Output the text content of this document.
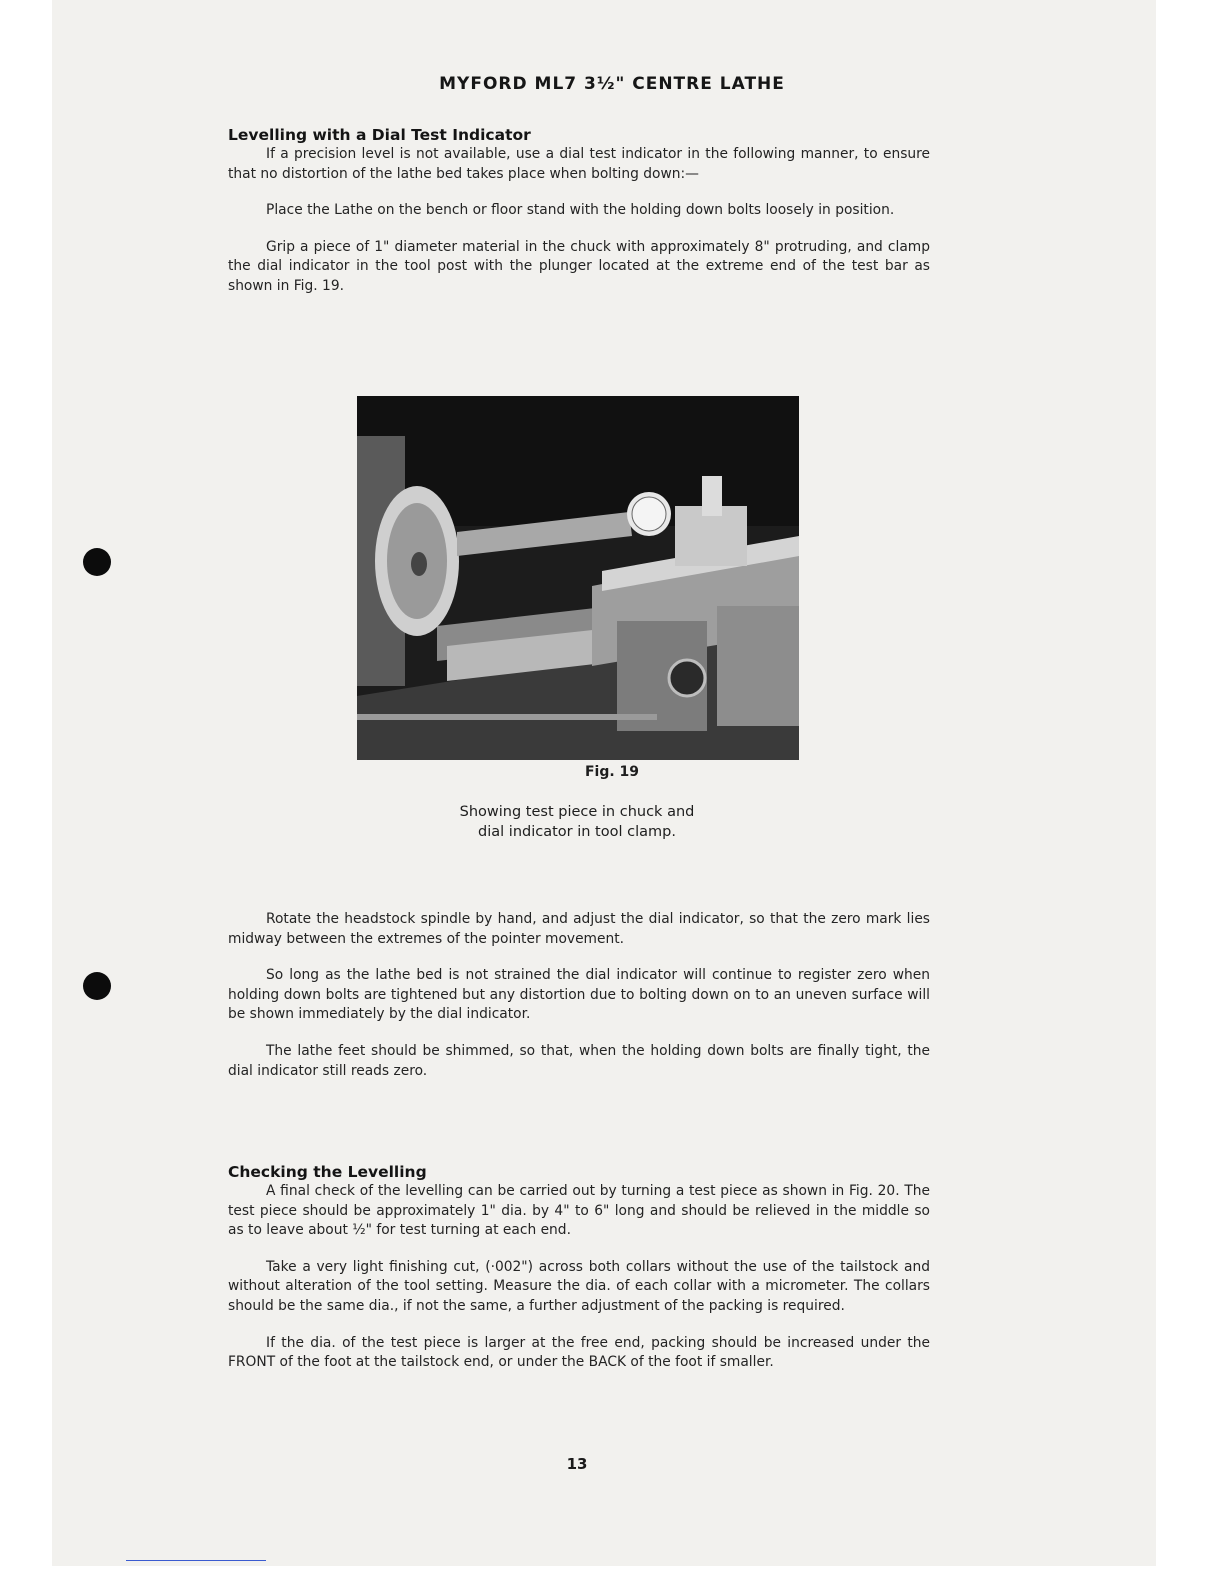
MYFORD ML7 3½" CENTRE LATHE

Levelling with a Dial Test Indicator

If a precision level is not available, use a dial test indicator in the following manner, to ensure that no distortion of the lathe bed takes place when bolting down:—

Place the Lathe on the bench or floor stand with the holding down bolts loosely in position.

Grip a piece of 1" diameter material in the chuck with approximately 8" protruding, and clamp the dial indicator in the tool post with the plunger located at the extreme end of the test bar as shown in Fig. 19.

Fig. 19
Showing test piece in chuck and
dial indicator in tool clamp.

Rotate the headstock spindle by hand, and adjust the dial indicator, so that the zero mark lies midway between the extremes of the pointer movement.

So long as the lathe bed is not strained the dial indicator will continue to register zero when holding down bolts are tightened but any distortion due to bolting down on to an uneven surface will be shown immediately by the dial indicator.

The lathe feet should be shimmed, so that, when the holding down bolts are finally tight, the dial indicator still reads zero.

Checking the Levelling

A final check of the levelling can be carried out by turning a test piece as shown in Fig. 20. The test piece should be approximately 1" dia. by 4" to 6" long and should be relieved in the middle so as to leave about ½" for test turning at each end.

Take a very light finishing cut, (·002") across both collars without the use of the tailstock and without alteration of the tool setting. Measure the dia. of each collar with a micrometer. The collars should be the same dia., if not the same, a further adjustment of the packing is required.

If the dia. of the test piece is larger at the free end, packing should be increased under the FRONT of the foot at the tailstock end, or under the BACK of the foot if smaller.

13
